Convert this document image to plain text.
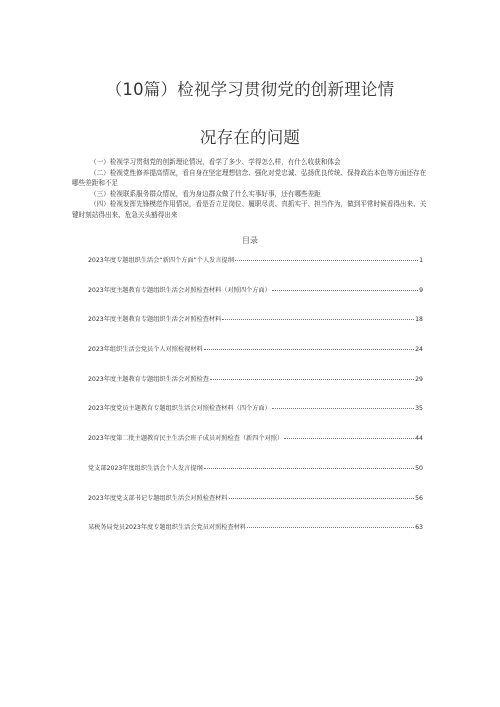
（10篇）检视学习贯彻党的创新理论情
况存在的问题

（一）检视学习贯彻党的创新理论情况，看学了多少、学得怎么样，有什么收获和体会

（二）检视党性修养提高情况，看自身在坚定理想信念、强化对党忠诚、弘扬优良传统、保持政治本色等方面还存在哪些差距和不足

（三）检视联系服务群众情况，看为身边群众做了什么实事好事，还有哪些差距

（四）检视发挥先锋模范作用情况，看是否立足岗位、履职尽责、真抓实干、担当作为，做到平常时候看得出来、关键时刻站得出来、危急关头豁得出来

目录
2023年度专题组织生活会“新四个方面”个人发言提纲	1
2023年度主题教育专题组织生活会对照检查材料（对照四个方面）	9
2023年度主题教育专题组织生活会对照检查材料	18
2023年组织生活会党员个人对照检视材料	24
2023年度主题教育专题组织生活会对照检查	29
2023年度党员主题教育专题组织生活会对照检查材料（四个方面）	35
2023年度第二批主题教育民主生活会班子成员对照检查（新四个对照）	44
党支部2023年度组织生活会个人发言提纲	50
2023年度党支部书记专题组织生活会对照检查材料	56
某税务局党员2023年度专题组织生活会党员对照检查材料	63
